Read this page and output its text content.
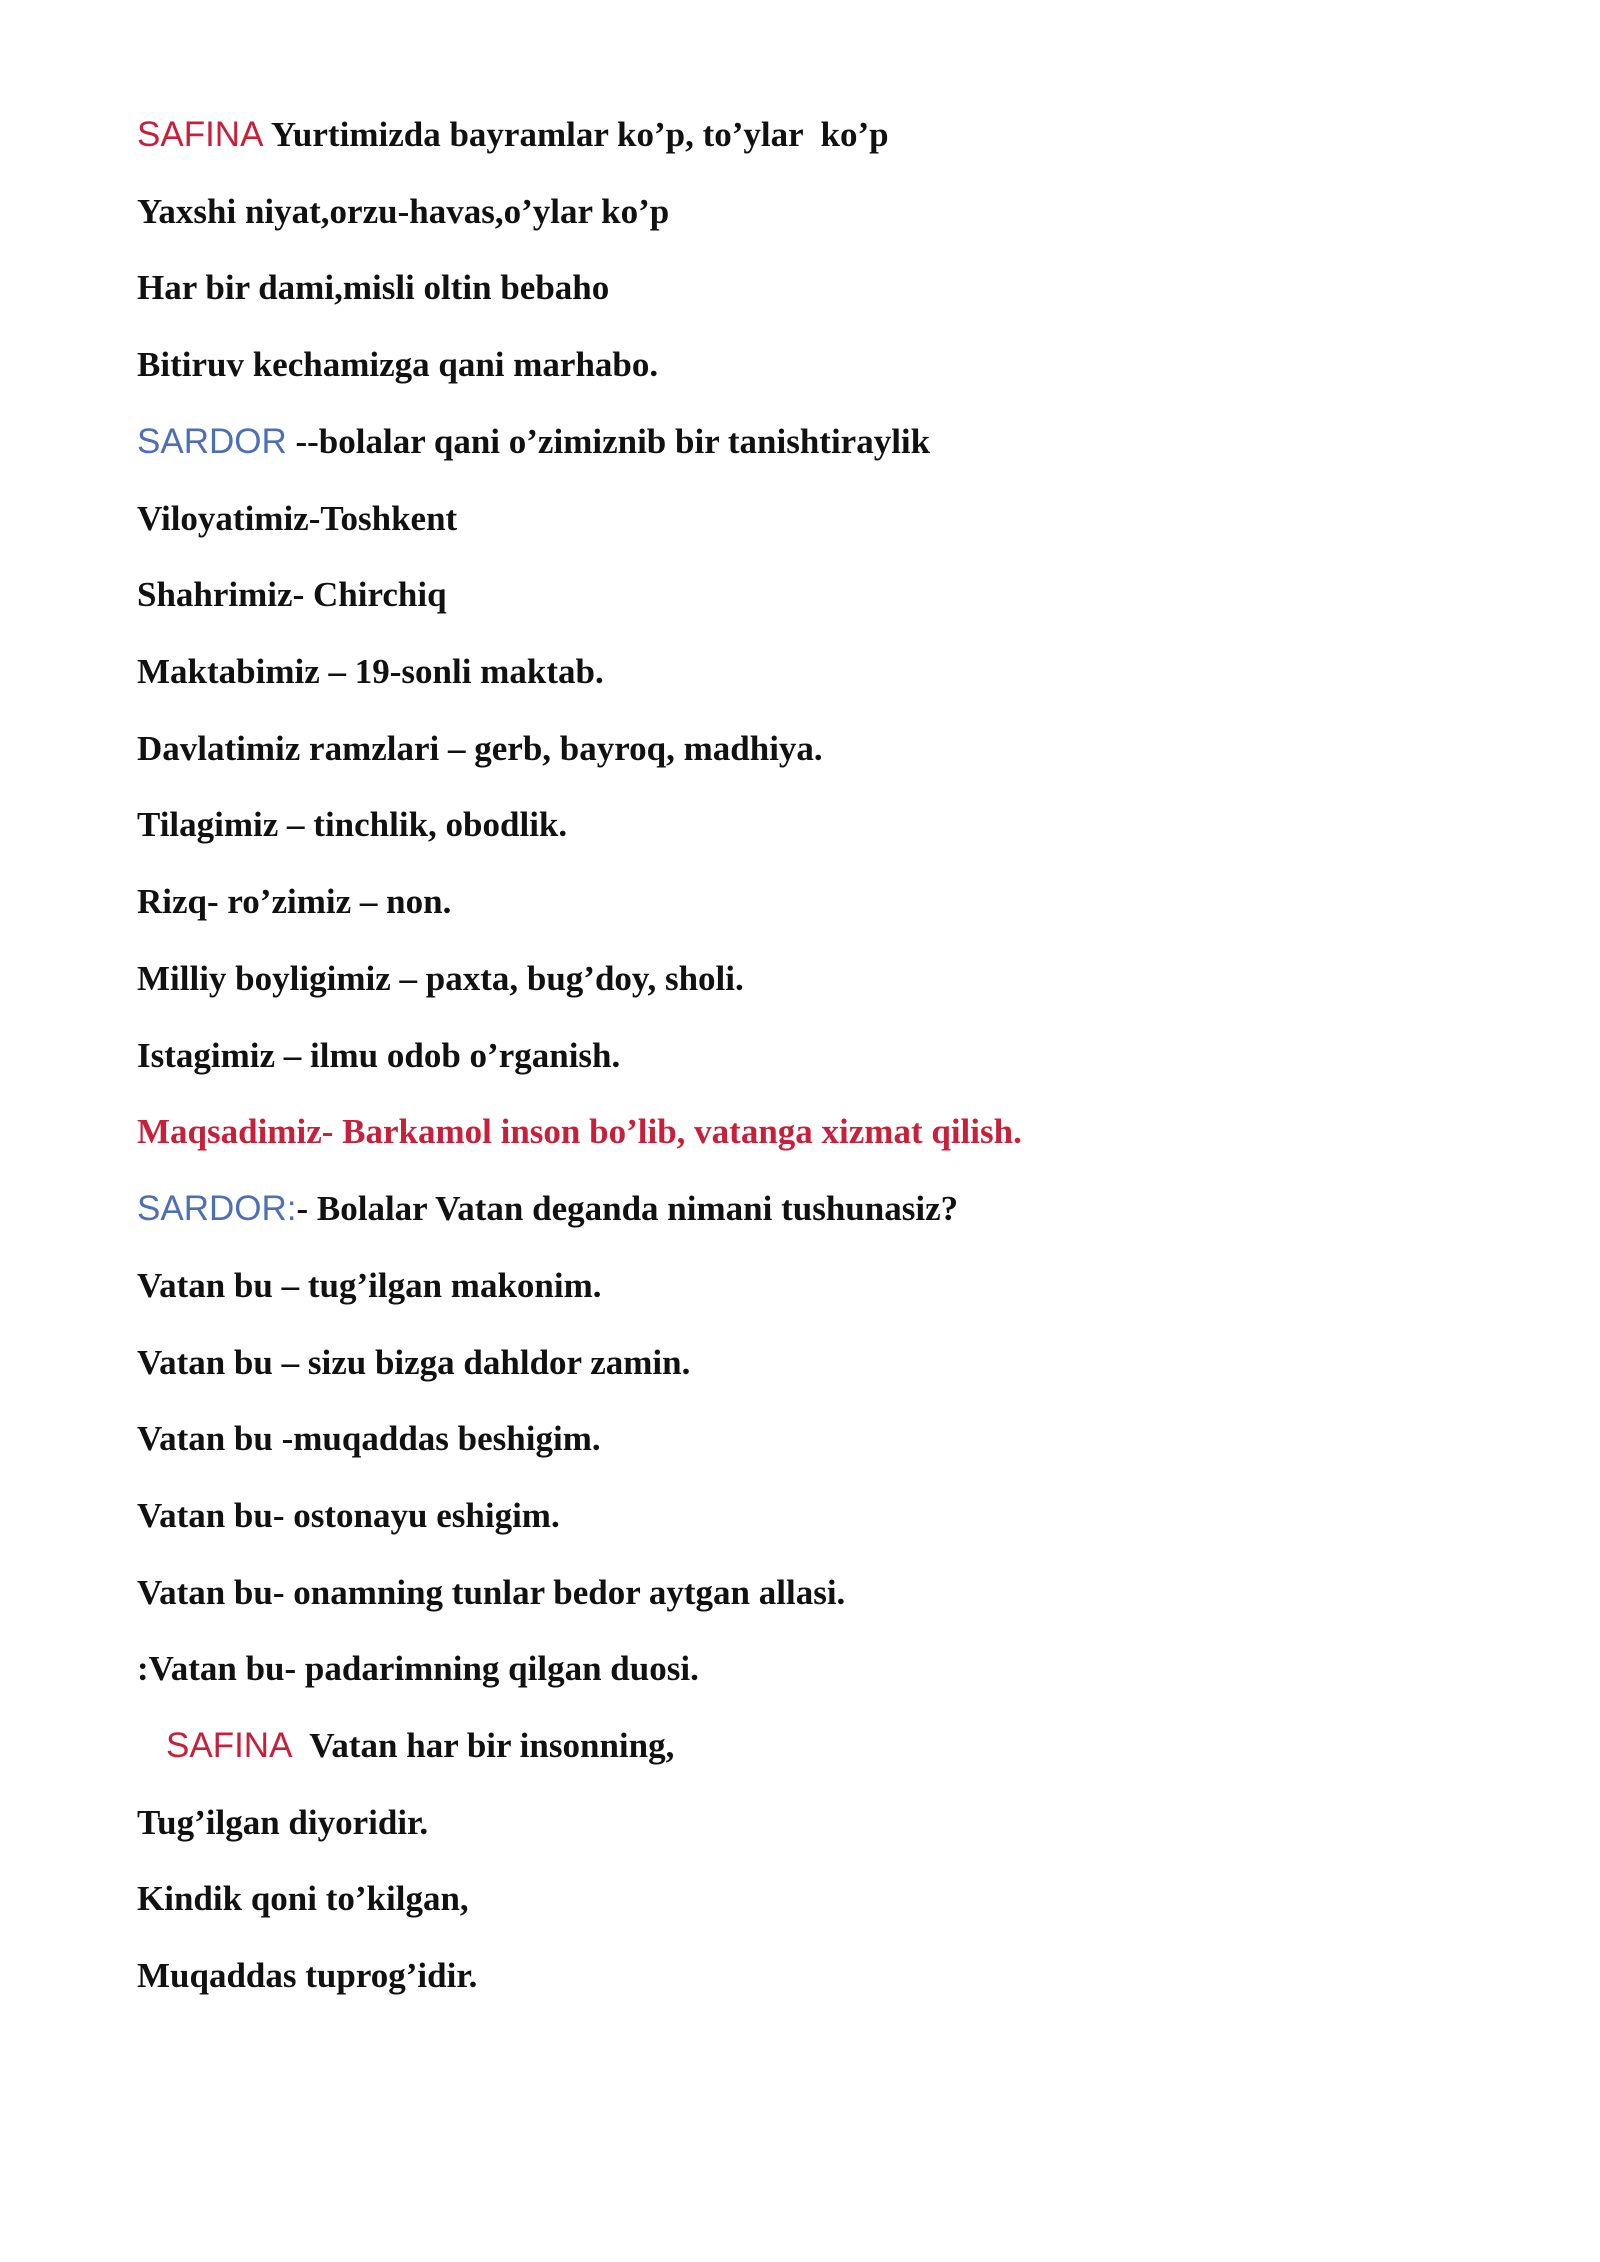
SAFINA Yurtimizda bayramlar ko’p, to’ylar  ko’p
Yaxshi niyat,orzu-havas,o’ylar ko’p
Har bir dami,misli oltin bebaho
Bitiruv kechamizga qani marhabo.
SARDOR --bolalar qani o’zimiznib bir tanishtiraylik
Viloyatimiz-Toshkent
Shahrimiz- Chirchiq
Maktabimiz – 19-sonli maktab.
Davlatimiz ramzlari – gerb, bayroq, madhiya.
Tilagimiz – tinchlik, obodlik.
Rizq- ro’zimiz – non.
Milliy boyligimiz – paxta, bug’doy, sholi.
Istagimiz – ilmu odob o’rganish.
Maqsadimiz- Barkamol inson bo’lib, vatanga xizmat qilish.
SARDOR:- Bolalar Vatan deganda nimani tushunasiz?
Vatan bu – tug’ilgan makonim.
Vatan bu – sizu bizga dahldor zamin.
Vatan bu -muqaddas beshigim.
Vatan bu- ostonayu eshigim.
Vatan bu- onamning tunlar bedor aytgan allasi.
:Vatan bu- padarimning qilgan duosi.
SAFINA  Vatan har bir insonning,
Tug’ilgan diyoridir.
Kindik qoni to’kilgan,
Muqaddas tuprog’idir.
